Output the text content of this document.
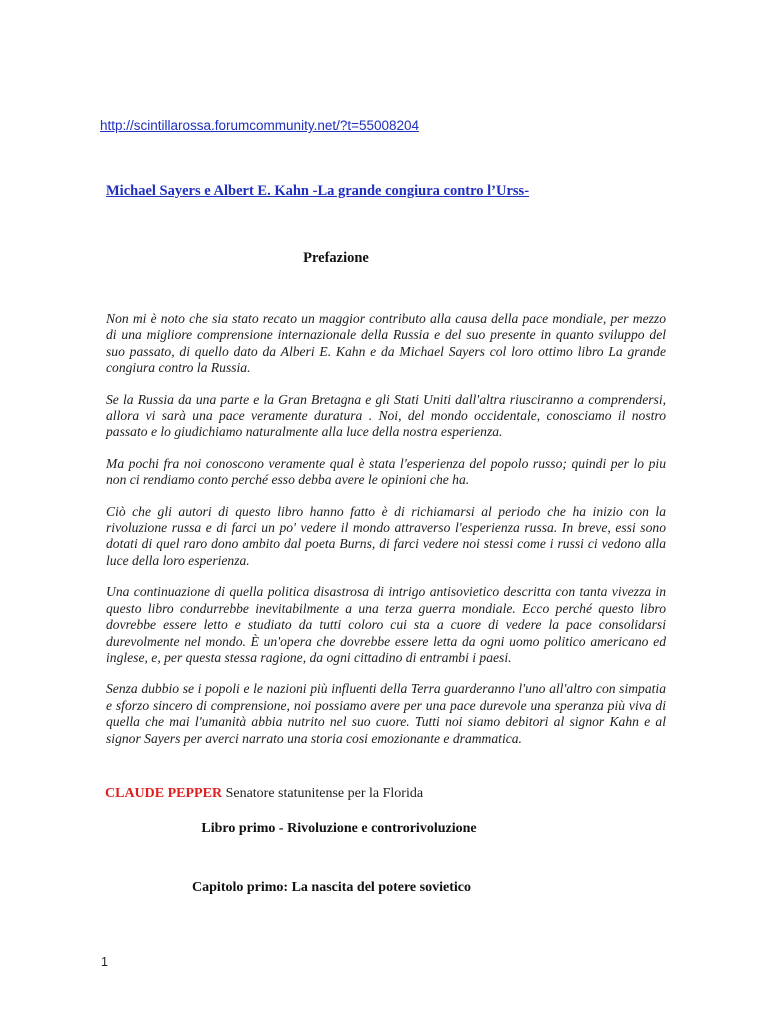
http://scintillarossa.forumcommunity.net/?t=55008204
Michael Sayers e Albert E. Kahn -La grande congiura contro l’Urss-
Prefazione

Non mi è noto che sia stato recato un maggior contributo alla causa della pace mondiale, per mezzo di una migliore comprensione internazionale della Russia e del suo presente in quanto sviluppo del suo passato, di quello dato da Alberi E. Kahn e da Michael Sayers col loro ottimo libro La grande congiura contro la Russia.

Se la Russia da una parte e la Gran Bretagna e gli Stati Uniti dall'altra riusciranno a comprendersi, allora vi sarà una pace veramente duratura . Noi, del mondo occidentale, conosciamo il nostro passato e lo giudichiamo naturalmente alla luce della nostra esperienza.

Ma pochi fra noi conoscono veramente qual è stata l'esperienza del popolo russo; quindi per lo piu non ci rendiamo conto perché esso debba avere le opinioni che ha.

Ciò che gli autori di questo libro hanno fatto è di richiamarsi al periodo che ha inizio con la rivoluzione russa e di farci un po' vedere il mondo attraverso l'esperienza russa. In breve, essi sono dotati di quel raro dono ambito dal poeta Burns, di farci vedere noi stessi come i russi ci vedono alla luce della loro esperienza.

Una continuazione di quella politica disastrosa di intrigo antisovietico descritta con tanta vivezza in questo libro condurrebbe inevitabilmente a una terza guerra mondiale. Ecco perché questo libro dovrebbe essere letto e studiato da tutti coloro cui sta a cuore di vedere la pace consolidarsi durevolmente nel mondo. È un'opera che dovrebbe essere letta da ogni uomo politico americano ed inglese, e, per questa stessa ragione, da ogni cittadino di entrambi i paesi.

Senza dubbio se i popoli e le nazioni più influenti della Terra guarderanno l'uno all'altro con simpatia e sforzo sincero di comprensione, noi possiamo avere per una pace durevole una speranza più viva di quella che mai l'umanità abbia nutrito nel suo cuore. Tutti noi siamo debitori al signor Kahn e al signor Sayers per averci narrato una storia cosi emozionante e drammatica.

CLAUDE PEPPER Senatore statunitense per la Florida
Libro primo - Rivoluzione e controrivoluzione
Capitolo primo: La nascita del potere sovietico
1
